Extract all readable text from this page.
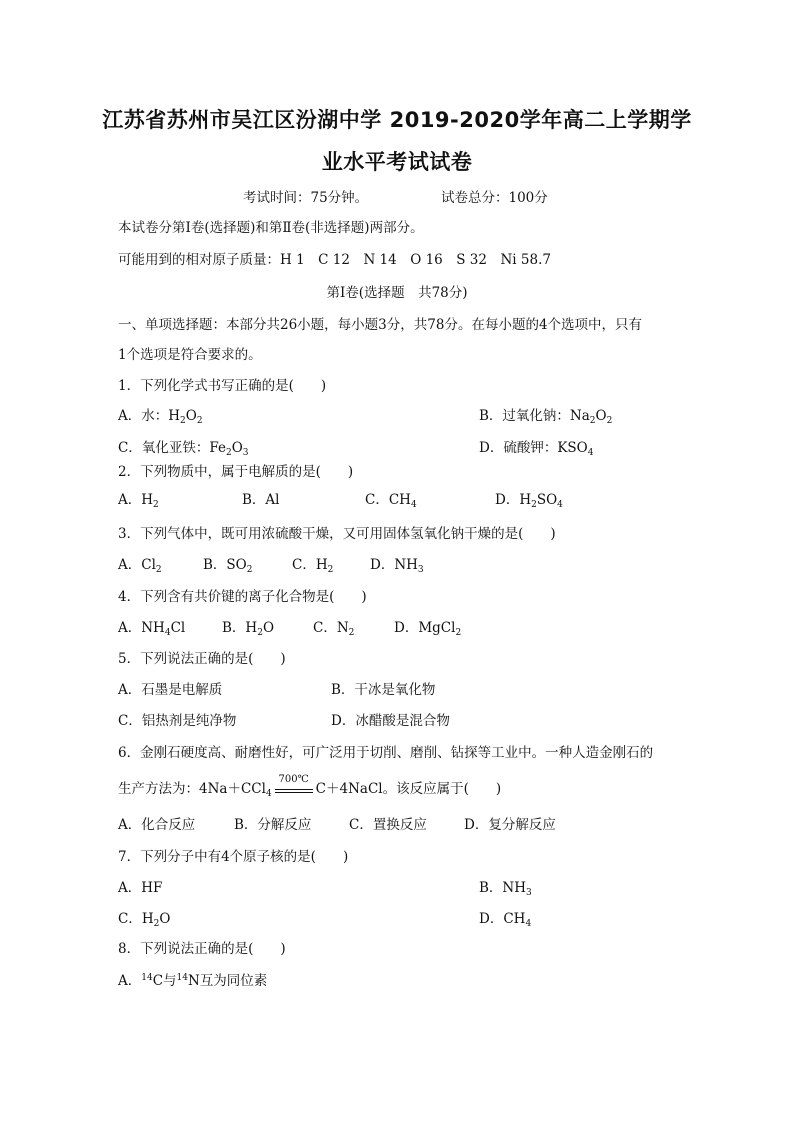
江苏省苏州市吴江区汾湖中学 2019-2020学年高二上学期学
业水平考试试卷
考试时间：75分钟。	试卷总分：100分
本试卷分第Ⅰ卷(选择题)和第Ⅱ卷(非选择题)两部分。
可能用到的相对原子质量：H 1　C 12　N 14　O 16　S 32　Ni 58.7
第Ⅰ卷(选择题　共78分)
一、单项选择题：本部分共26小题，每小题3分，共78分。在每小题的4个选项中，只有
1个选项是符合要求的。
1．下列化学式书写正确的是(　　)
A．水：$H_2O_2$	B．过氧化钠：$Na_2O_2$
C．氧化亚铁：$Fe_2O_3$	D．硫酸钾：$KSO_4$
2．下列物质中，属于电解质的是(　　)
A．$H_2$	B．Al	C．$CH_4$	D．$H_2SO_4$
3．下列气体中，既可用浓硫酸干燥，又可用固体氢氧化钠干燥的是(　　)
A．$Cl_2$	B．$SO_2$	C．$H_2$	D．$NH_3$
4．下列含有共价键的离子化合物是(　　)
A．$NH_4Cl$	B．$H_2O$	C．$N_2$	D．MgCl$_2$
5．下列说法正确的是(　　)
A．石墨是电解质	B．干冰是氧化物
C．铝热剂是纯净物	D．冰醋酸是混合物
6．金刚石硬度高、耐磨性好，可广泛用于切削、磨削、钻探等工业中。一种人造金刚石的
生产方法为：4Na＋CCl$_4$
700℃
C＋4NaCl。该反应属于(　　)
A．化合反应	B．分解反应	C．置换反应	D．复分解反应
7．下列分子中有4个原子核的是(　　)
A．HF	B．$NH_3$
C．$H_2O$	D．$CH_4$
8．下列说法正确的是(　　)
A．$^{14}$C与$^{14}$N互为同位素
